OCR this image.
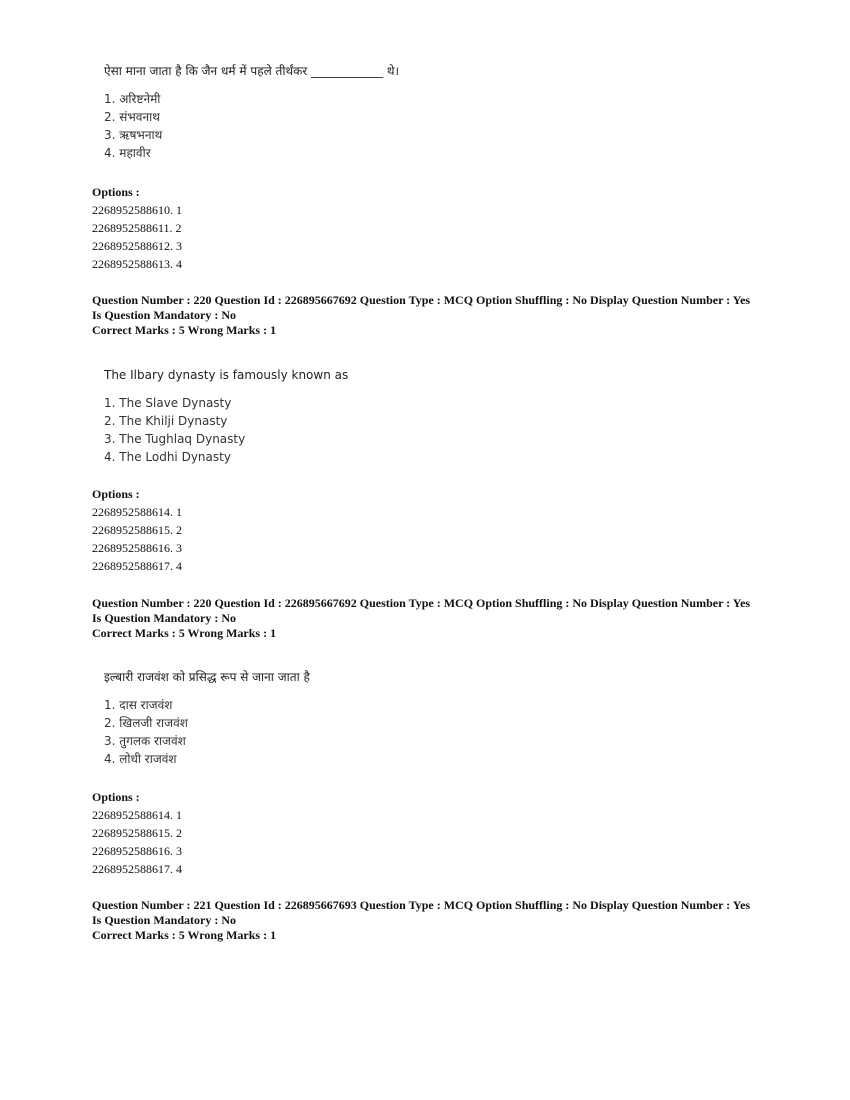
ऐसा माना जाता है कि जैन धर्म में पहले तीर्थंकर ____________ थे।

1. अरिष्टनेमी
2. संभवनाथ
3. ऋषभनाथ
4. महावीर

Options :

2268952588610. 1

2268952588611. 2

2268952588612. 3

2268952588613. 4

Question Number : 220 Question Id : 226895667692 Question Type : MCQ Option Shuffling : No Display Question Number : Yes Is Question Mandatory : No

Correct Marks : 5 Wrong Marks : 1

The Ilbary dynasty is famously known as

1. The Slave Dynasty
2. The Khilji Dynasty
3. The Tughlaq Dynasty
4. The Lodhi Dynasty

Options :

2268952588614. 1

2268952588615. 2

2268952588616. 3

2268952588617. 4

Question Number : 220 Question Id : 226895667692 Question Type : MCQ Option Shuffling : No Display Question Number : Yes Is Question Mandatory : No

Correct Marks : 5 Wrong Marks : 1

इल्बारी राजवंश को प्रसिद्ध रूप से जाना जाता है

1. दास राजवंश
2. खिलजी राजवंश
3. तुगलक राजवंश
4. लोधी राजवंश

Options :

2268952588614. 1

2268952588615. 2

2268952588616. 3

2268952588617. 4

Question Number : 221 Question Id : 226895667693 Question Type : MCQ Option Shuffling : No Display Question Number : Yes Is Question Mandatory : No

Correct Marks : 5 Wrong Marks : 1
